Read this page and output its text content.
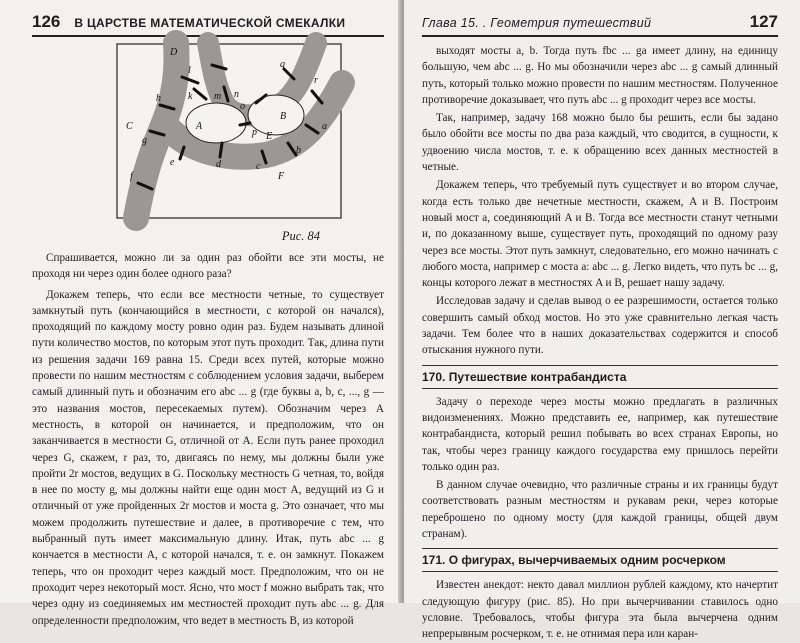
126 В ЦАРСТВЕ МАТЕМАТИЧЕСКОЙ СМЕКАЛКИ
D
C	A
B
E
F
l
k m n
h
o
g
p
q
r
a
b
c
d
e
f
Рис. 84

Спрашивается, можно ли за один раз обойти все эти мосты, не проходя ни через один более одного раза?

Докажем теперь, что если все местности четные, то существует замкнутый путь (кончающийся в местности, с которой он начался), проходящий по каждому мосту ровно один раз. Будем называть длиной пути количество мостов, по которым этот путь проходит. Так, длина пути из решения задачи 169 равна 15. Среди всех путей, которые можно провести по нашим местностям с соблюдением условия задачи, выберем самый длинный путь и обозначим его abc ... g (где буквы a, b, c, ..., g — это названия мостов, пересекаемых путем). Обозначим через A местность, в которой он начинается, и предположим, что он заканчивается в местности G, отличной от A. Если путь ранее проходил через G, скажем, r раз, то, двигаясь по нему, мы должны были уже пройти 2r мостов, ведущих в G. Поскольку местность G четная, то, войдя в нее по мосту g, мы должны найти еще один мост A, ведущий из G и отличный от уже пройденных 2r мостов и моста g. Это означает, что мы можем продолжить путешествие и далее, в противоречие с тем, что выбранный путь имеет максимальную длину. Итак, путь abc ... g кончается в местности A, с которой начался, т. е. он замкнут. Покажем теперь, что он проходит через каждый мост. Предположим, что он не проходит через некоторый мост. Ясно, что мост f можно выбрать так, что через одну из соединяемых им местностей проходит путь abc ... g. Для определенности предположим, что ведет в местность B, из которой

Глава 15. . Геометрия путешествий	127

выходят мосты a, b. Тогда путь fbc ... ga имеет длину, на единицу большую, чем abc ... g. Но мы обозначили через abc ... g самый длинный путь, который только можно провести по нашим местностям. Полученное противоречие доказывает, что путь abc ... g проходит через все мосты.

Так, например, задачу 168 можно было бы решить, если бы задано было обойти все мосты по два раза каждый, что сводится, в сущности, к удвоению числа мостов, т. е. к обращению всех данных местностей в четные.

Докажем теперь, что требуемый путь существует и во втором случае, когда есть только две нечетные местности, скажем, A и B. Построим новый мост a, соединяющий A и B. Тогда все местности станут четными и, по доказанному выше, существует путь, проходящий по одному разу через все мосты. Этот путь замкнут, следовательно, его можно начинать с любого моста, например с моста a: abc ... g. Легко видеть, что путь bc ... g, концы которого лежат в местностях A и B, решает нашу задачу.

Исследовав задачу и сделав вывод о ее разрешимости, остается только совершить самый обход мостов. Но это уже сравнительно легкая часть задачи. Тем более что в наших доказательствах содержится и способ отыскания нужного пути.

170. Путешествие контрабандиста

Задачу о переходе через мосты можно предлагать в различных видоизменениях. Можно представить ее, например, как путешествие контрабандиста, который решил побывать во всех странах Европы, но так, чтобы через границу каждого государства ему пришлось перейти только один раз.

В данном случае очевидно, что различные страны и их границы будут соответствовать разным местностям и рукавам реки, через которые переброшено по одному мосту (для каждой границы, общей двум странам).

171. О фигурах, вычерчиваемых одним росчерком

Известен анекдот: некто давал миллион рублей каждому, кто начертит следующую фигуру (рис. 85). Но при вычерчивании ставилось одно условие. Требовалось, чтобы фигура эта была вычерчена одним непрерывным росчерком, т. е. не отнимая пера или каран-
